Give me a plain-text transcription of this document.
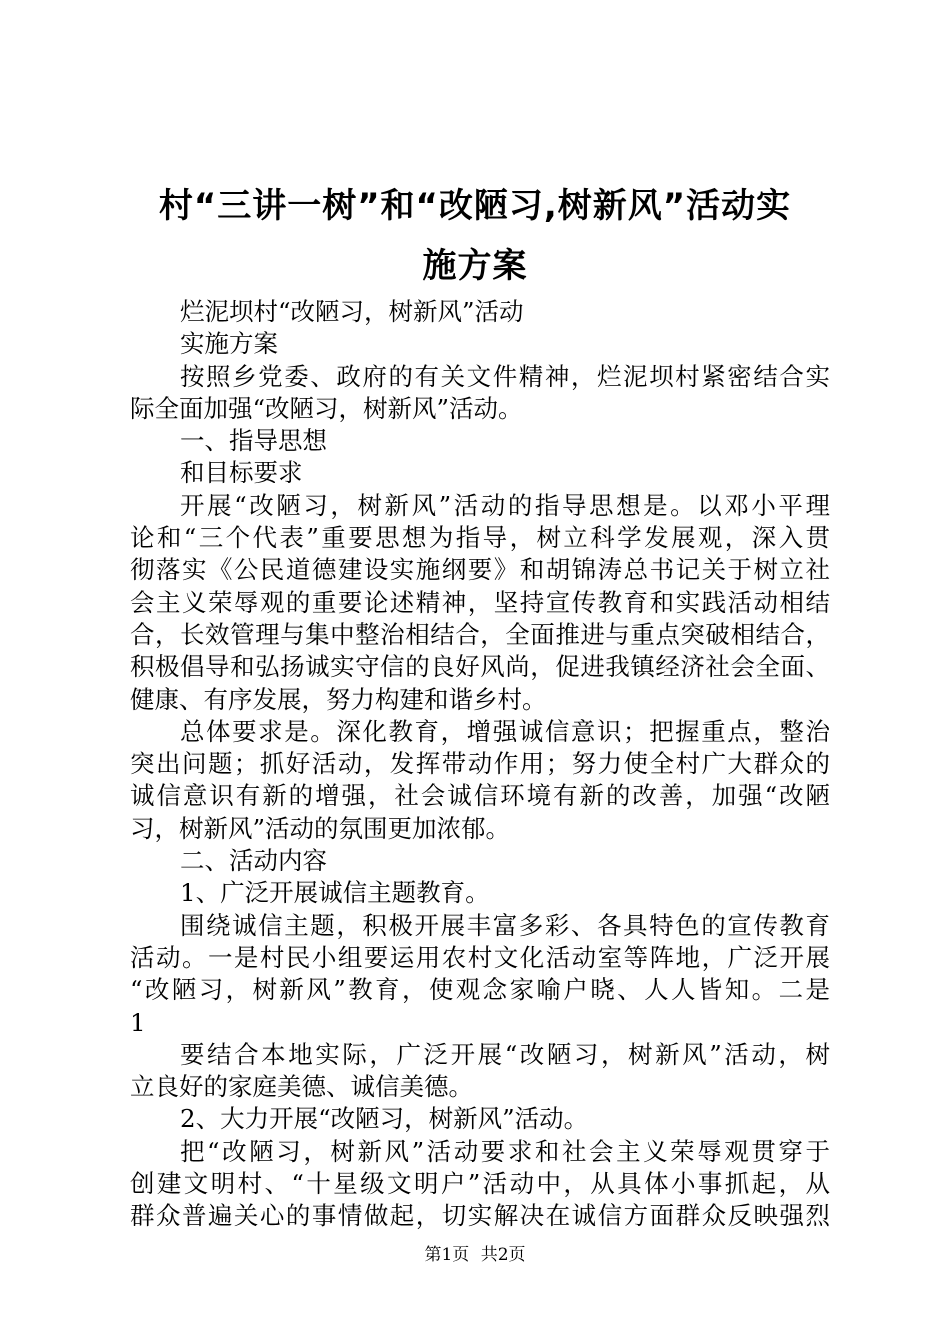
村“三讲一树”和“改陋习,树新风”活动实
施方案
烂泥坝村“改陋习，树新风”活动
实施方案
按照乡党委、政府的有关文件精神，烂泥坝村紧密结合实
际全面加强“改陋习，树新风”活动。
一、指导思想
和目标要求
开展“改陋习，树新风”活动的指导思想是。以邓小平理
论和“三个代表”重要思想为指导，树立科学发展观，深入贯
彻落实《公民道德建设实施纲要》和胡锦涛总书记关于树立社
会主义荣辱观的重要论述精神，坚持宣传教育和实践活动相结
合，长效管理与集中整治相结合，全面推进与重点突破相结合，
积极倡导和弘扬诚实守信的良好风尚，促进我镇经济社会全面、
健康、有序发展，努力构建和谐乡村。
总体要求是。深化教育，增强诚信意识；把握重点，整治
突出问题；抓好活动，发挥带动作用；努力使全村广大群众的
诚信意识有新的增强，社会诚信环境有新的改善，加强“改陋
习，树新风”活动的氛围更加浓郁。
二、活动内容
1、广泛开展诚信主题教育。
围绕诚信主题，积极开展丰富多彩、各具特色的宣传教育
活动。一是村民小组要运用农村文化活动室等阵地，广泛开展
“改陋习，树新风”教育，使观念家喻户晓、人人皆知。二是
1
要结合本地实际，广泛开展“改陋习，树新风”活动，树
立良好的家庭美德、诚信美德。
2、大力开展“改陋习，树新风”活动。
把“改陋习，树新风”活动要求和社会主义荣辱观贯穿于
创建文明村、“十星级文明户”活动中，从具体小事抓起，从
群众普遍关心的事情做起，切实解决在诚信方面群众反映强烈
第1页 共2页
